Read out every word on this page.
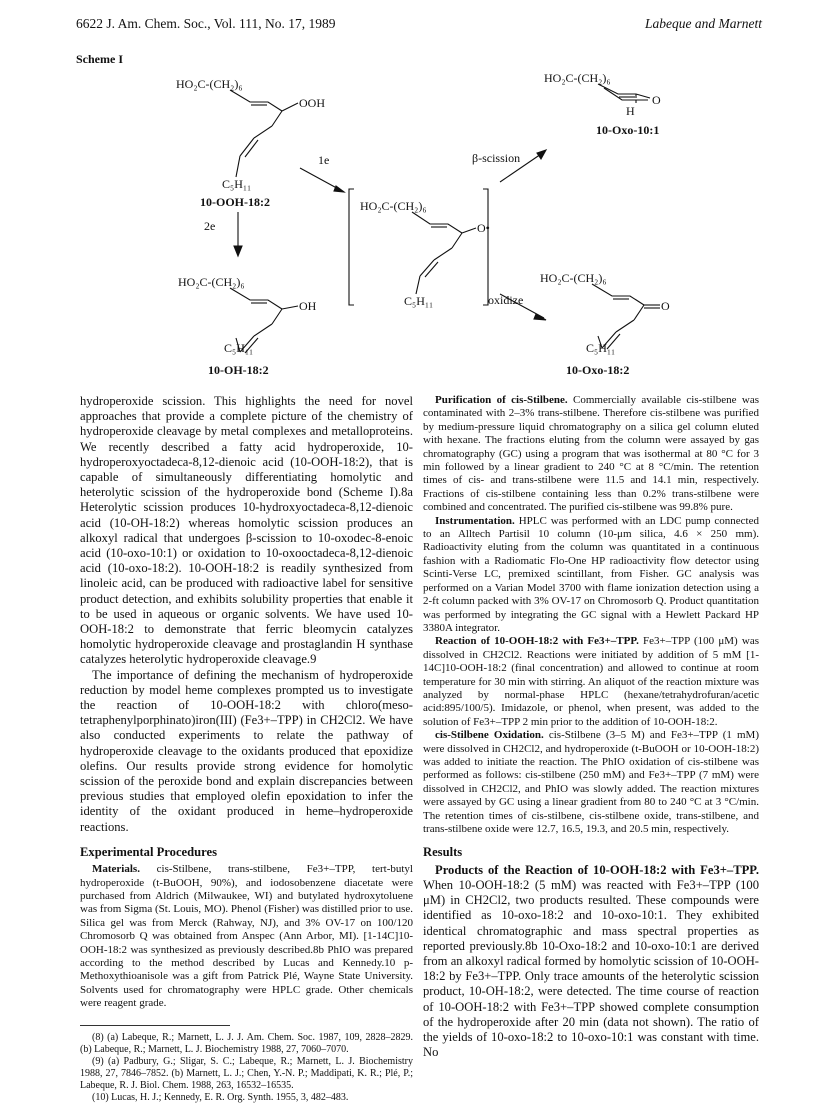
6622 J. Am. Chem. Soc., Vol. 111, No. 17, 1989	Labeque and Marnett
Scheme I
HO₂C-(CH₂)₆
OOH
C₅H₁₁
10-OOH-18:2
1e
2e
HO₂C-(CH₂)₆
O•
C₅H₁₁
β-scission
HO₂C-(CH₂)₆
H
O
10-Oxo-10:1
HO₂C-(CH₂)₆
OH
C₅H₁₁
10-OH-18:2
oxidize
HO₂C-(CH₂)₆
O
C₅H₁₁
10-Oxo-18:2

hydroperoxide scission. This highlights the need for novel approaches that provide a complete picture of the chemistry of hydroperoxide cleavage by metal complexes and metalloproteins. We recently described a fatty acid hydroperoxide, 10-hydroperoxyoctadeca-8,12-dienoic acid (10-OOH-18:2), that is capable of simultaneously differentiating homolytic and heterolytic scission of the hydroperoxide bond (Scheme I).8a Heterolytic scission produces 10-hydroxyoctadeca-8,12-dienoic acid (10-OH-18:2) whereas homolytic scission produces an alkoxyl radical that undergoes β-scission to 10-oxodec-8-enoic acid (10-oxo-10:1) or oxidation to 10-oxooctadeca-8,12-dienoic acid (10-oxo-18:2). 10-OOH-18:2 is readily synthesized from linoleic acid, can be produced with radioactive label for sensitive product detection, and exhibits solubility properties that enable it to be used in aqueous or organic solvents. We have used 10-OOH-18:2 to demonstrate that ferric bleomycin catalyzes homolytic hydroperoxide cleavage and prostaglandin H synthase catalyzes heterolytic hydroperoxide cleavage.9

The importance of defining the mechanism of hydroperoxide reduction by model heme complexes prompted us to investigate the reaction of 10-OOH-18:2 with chloro(meso-tetraphenylporphinato)iron(III) (Fe3+–TPP) in CH2Cl2. We have also conducted experiments to relate the pathway of hydroperoxide cleavage to the oxidants produced that epoxidize olefins. Our results provide strong evidence for homolytic scission of the peroxide bond and explain discrepancies between previous studies that employed olefin epoxidation to infer the identity of the oxidant produced in heme–hydroperoxide reactions.

Experimental Procedures

Materials. cis-Stilbene, trans-stilbene, Fe3+–TPP, tert-butyl hydroperoxide (t-BuOOH, 90%), and iodosobenzene diacetate were purchased from Aldrich (Milwaukee, WI) and butylated hydroxytoluene was from Sigma (St. Louis, MO). Phenol (Fisher) was distilled prior to use. Silica gel was from Merck (Rahway, NJ), and 3% OV-17 on 100/120 Chromosorb Q was obtained from Anspec (Ann Arbor, MI). [1-14C]10-OOH-18:2 was synthesized as previously described.8b PhIO was prepared according to the method described by Lucas and Kennedy.10 p-Methoxythioanisole was a gift from Patrick Plé, Wayne State University. Solvents used for chromatography were HPLC grade. Other chemicals were reagent grade.

(8) (a) Labeque, R.; Marnett, L. J. J. Am. Chem. Soc. 1987, 109, 2828–2829. (b) Labeque, R.; Marnett, L. J. Biochemistry 1988, 27, 7060–7070.

(9) (a) Padbury, G.; Sligar, S. C.; Labeque, R.; Marnett, L. J. Biochemistry 1988, 27, 7846–7852. (b) Marnett, L. J.; Chen, Y.-N. P.; Maddipati, K. R.; Plé, P.; Labeque, R. J. Biol. Chem. 1988, 263, 16532–16535.

(10) Lucas, H. J.; Kennedy, E. R. Org. Synth. 1955, 3, 482–483.

Purification of cis-Stilbene. Commercially available cis-stilbene was contaminated with 2–3% trans-stilbene. Therefore cis-stilbene was purified by medium-pressure liquid chromatography on a silica gel column eluted with hexane. The fractions eluting from the column were assayed by gas chromatography (GC) using a program that was isothermal at 80 °C for 3 min followed by a linear gradient to 240 °C at 8 °C/min. The retention times of cis- and trans-stilbene were 11.5 and 14.1 min, respectively. Fractions of cis-stilbene containing less than 0.2% trans-stilbene were combined and concentrated. The purified cis-stilbene was 99.8% pure.

Instrumentation. HPLC was performed with an LDC pump connected to an Alltech Partisil 10 column (10-μm silica, 4.6 × 250 mm). Radioactivity eluting from the column was quantitated in a continuous fashion with a Radiomatic Flo-One HP radioactivity flow detector using Scinti-Verse LC, premixed scintillant, from Fisher. GC analysis was performed on a Varian Model 3700 with flame ionization detection using a 2-ft column packed with 3% OV-17 on Chromosorb Q. Product quantitation was performed by integrating the GC signal with a Hewlett Packard HP 3380A integrator.

Reaction of 10-OOH-18:2 with Fe3+–TPP. Fe3+–TPP (100 μM) was dissolved in CH2Cl2. Reactions were initiated by addition of 5 mM [1-14C]10-OOH-18:2 (final concentration) and allowed to continue at room temperature for 30 min with stirring. An aliquot of the reaction mixture was analyzed by normal-phase HPLC (hexane/tetrahydrofuran/acetic acid:895/100/5). Imidazole, or phenol, when present, was added to the solution of Fe3+–TPP 2 min prior to the addition of 10-OOH-18:2.

cis-Stilbene Oxidation. cis-Stilbene (3–5 M) and Fe3+–TPP (1 mM) were dissolved in CH2Cl2, and hydroperoxide (t-BuOOH or 10-OOH-18:2) was added to initiate the reaction. The PhIO oxidation of cis-stilbene was performed as follows: cis-stilbene (250 mM) and Fe3+–TPP (7 mM) were dissolved in CH2Cl2, and PhIO was slowly added. The reaction mixtures were assayed by GC using a linear gradient from 80 to 240 °C at 3 °C/min. The retention times of cis-stilbene, cis-stilbene oxide, trans-stilbene, and trans-stilbene oxide were 12.7, 16.5, 19.3, and 20.5 min, respectively.

Results

Products of the Reaction of 10-OOH-18:2 with Fe3+–TPP. When 10-OOH-18:2 (5 mM) was reacted with Fe3+–TPP (100 μM) in CH2Cl2, two products resulted. These compounds were identified as 10-oxo-18:2 and 10-oxo-10:1. They exhibited identical chromatographic and mass spectral properties as reported previously.8b 10-Oxo-18:2 and 10-oxo-10:1 are derived from an alkoxyl radical formed by homolytic scission of 10-OOH-18:2 by Fe3+–TPP. Only trace amounts of the heterolytic scission product, 10-OH-18:2, were detected. The time course of reaction of 10-OOH-18:2 with Fe3+–TPP showed complete consumption of the hydroperoxide after 20 min (data not shown). The ratio of the yields of 10-oxo-18:2 to 10-oxo-10:1 was constant with time. No
